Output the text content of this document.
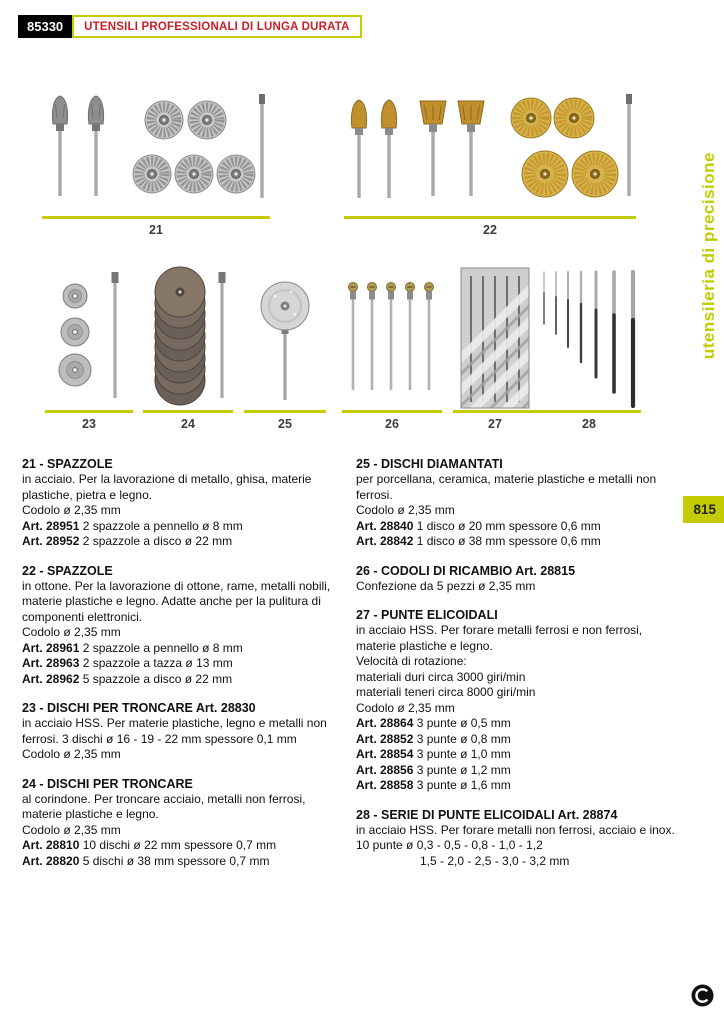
85330	UTENSILI PROFESSIONALI DI LUNGA DURATA
utensileria di precisione
815
21	22
23	24	25	26	27	28
21 - SPAZZOLE
in acciaio. Per la lavorazione di metallo, ghisa, materie plastiche, pietra e legno.
Codolo ø 2,35 mm
Art. 28951 2 spazzole a pennello ø 8 mm
Art. 28952 2 spazzole a disco ø 22 mm
22 - SPAZZOLE
in ottone. Per la lavorazione di ottone, rame, metalli nobili, materie plastiche e legno. Adatte anche per la pulitura di componenti elettronici.
Codolo ø 2,35 mm
Art. 28961 2 spazzole a pennello ø 8 mm
Art. 28963 2 spazzole a tazza ø 13 mm
Art. 28962 5 spazzole a disco ø 22 mm
23 - DISCHI PER TRONCARE Art. 28830
in acciaio HSS. Per materie plastiche, legno e metalli non ferrosi. 3 dischi ø 16 - 19 - 22 mm spessore 0,1 mm
Codolo ø 2,35 mm
24 - DISCHI PER TRONCARE
al corindone. Per troncare acciaio, metalli non ferrosi, materie plastiche e legno.
Codolo ø 2,35 mm
Art. 28810 10 dischi ø 22 mm spessore 0,7 mm
Art. 28820 5 dischi ø 38 mm spessore 0,7 mm
25 - DISCHI DIAMANTATI
per porcellana, ceramica, materie plastiche e metalli non ferrosi.
Codolo ø 2,35 mm
Art. 28840 1 disco ø 20 mm spessore 0,6 mm
Art. 28842 1 disco ø 38 mm spessore 0,6 mm
26 - CODOLI DI RICAMBIO Art. 28815
Confezione da 5 pezzi ø 2,35 mm
27 - PUNTE ELICOIDALI
in acciaio HSS. Per forare metalli ferrosi e non ferrosi, materie plastiche e legno.
Velocità di rotazione:
materiali duri circa 3000 giri/min
materiali teneri circa 8000 giri/min
Codolo ø 2,35 mm
Art. 28864 3 punte ø 0,5 mm
Art. 28852 3 punte ø 0,8 mm
Art. 28854 3 punte ø 1,0 mm
Art. 28856 3 punte ø 1,2 mm
Art. 28858 3 punte ø 1,6 mm
28 - SERIE DI PUNTE ELICOIDALI Art. 28874
in acciaio HSS. Per forare metalli non ferrosi, acciaio e inox.
10 punte ø 0,3 - 0,5 - 0,8 - 1,0 - 1,2
1,5 - 2,0 - 2,5 - 3,0 - 3,2 mm
